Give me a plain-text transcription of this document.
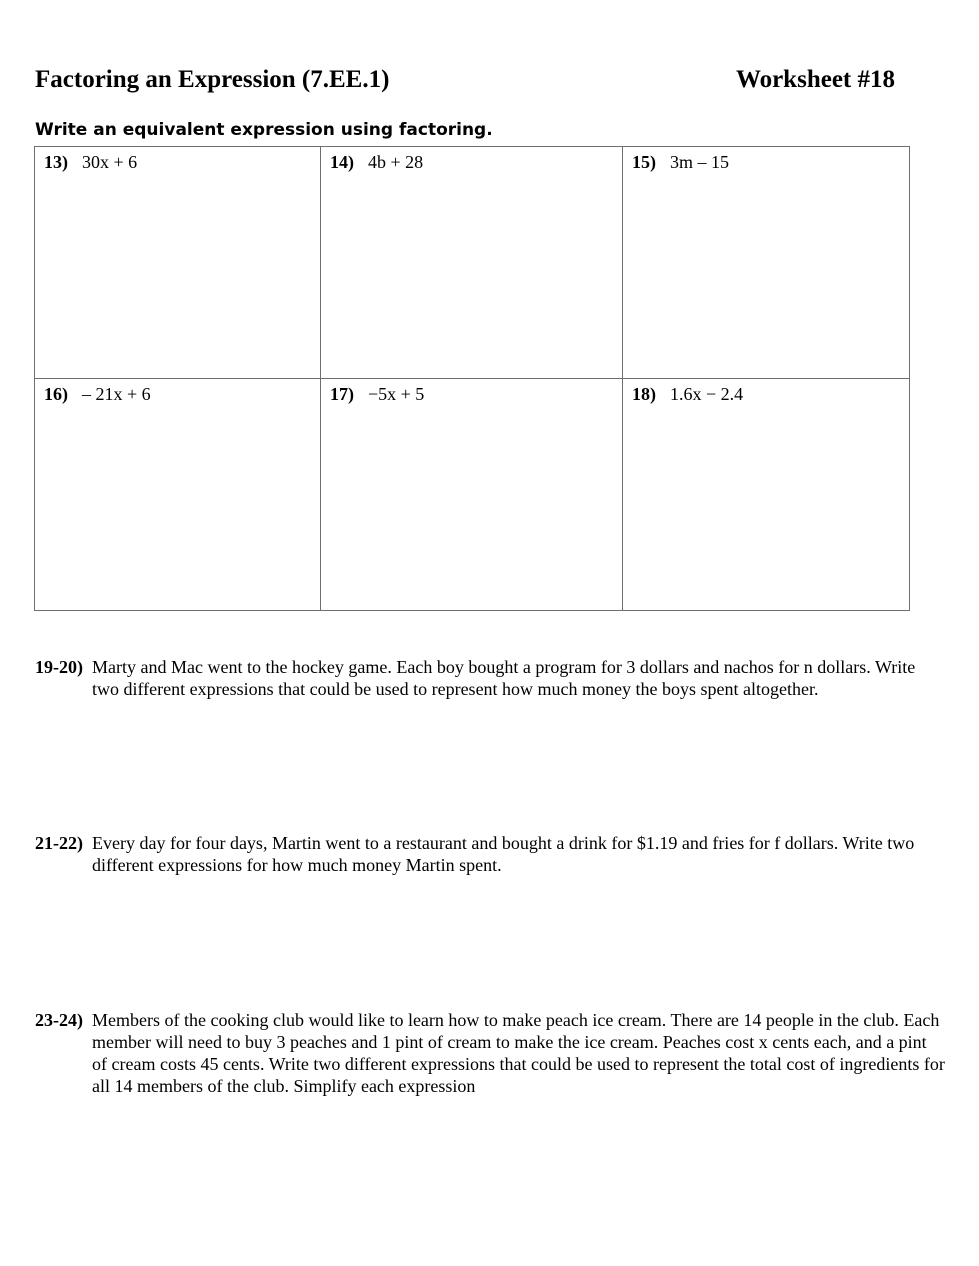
Factoring an Expression (7.EE.1)	Worksheet #18
Write an equivalent expression using factoring.
13) 30x + 6	14) 4b + 28	15) 3m – 15

16) – 21x + 6	17) −5x + 5	18) 1.6x − 2.4
19-20) Marty and Mac went to the hockey game. Each boy bought a program for 3 dollars and nachos for n dollars. Write two different expressions that could be used to represent how much money the boys spent altogether.
21-22) Every day for four days, Martin went to a restaurant and bought a drink for $1.19 and fries for f dollars. Write two different expressions for how much money Martin spent.
23-24) Members of the cooking club would like to learn how to make peach ice cream. There are 14 people in the club. Each member will need to buy 3 peaches and 1 pint of cream to make the ice cream. Peaches cost x cents each, and a pint of cream costs 45 cents. Write two different expressions that could be used to represent the total cost of ingredients for all 14 members of the club. Simplify each expression
